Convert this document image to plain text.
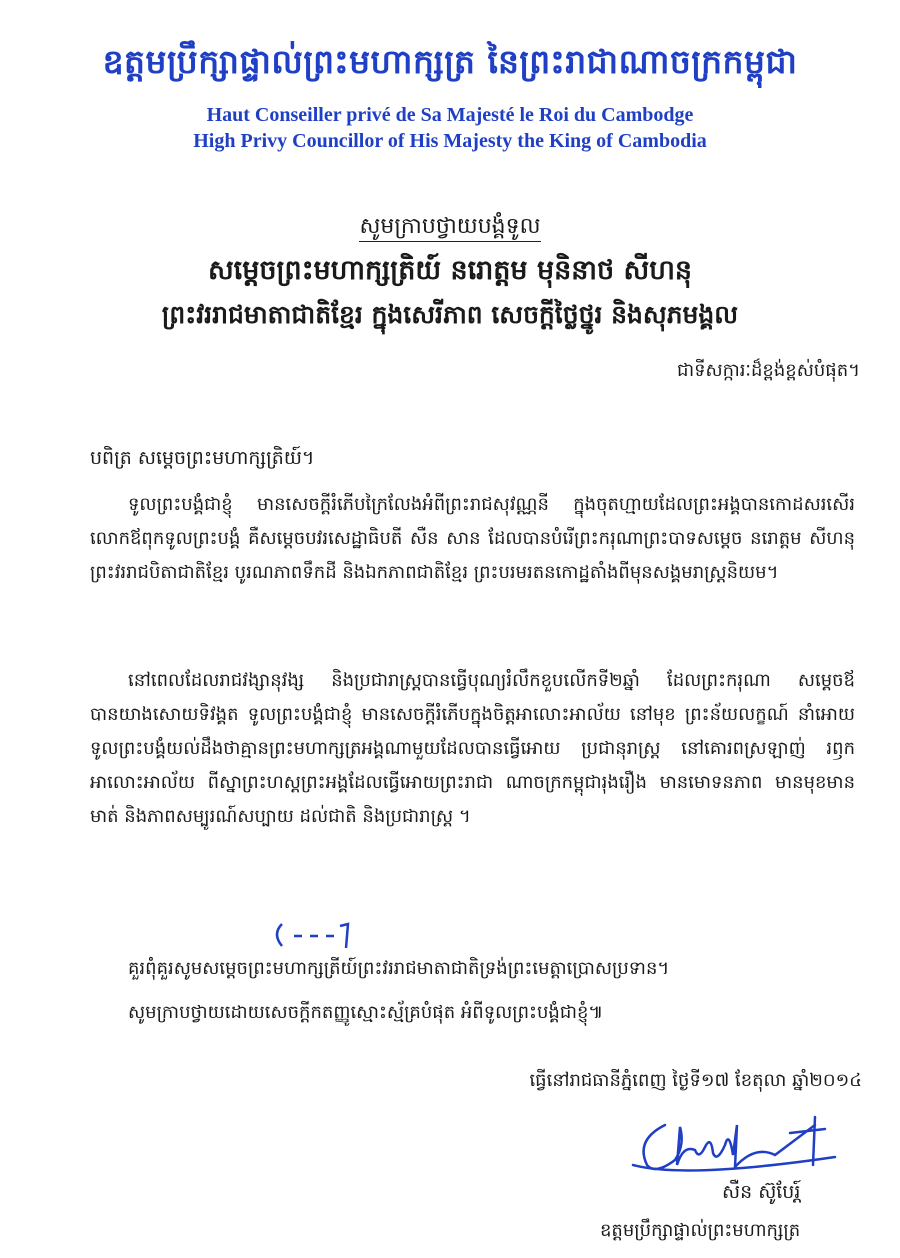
ឧត្តមប្រឹក្សាផ្ទាល់ព្រះមហាក្សត្រ នៃព្រះរាជាណាចក្រកម្ពុជា
Haut Conseiller privé de Sa Majesté le Roi du Cambodge
High Privy Councillor of His Majesty the King of Cambodia
សូមក្រាបថ្វាយបង្គំទូល
សម្តេចព្រះមហាក្សត្រិយ៍ នរោត្តម មុនិនាថ សីហនុ
ព្រះវររាជមាតាជាតិខ្មែរ ក្នុងសេរីភាព សេចក្តីថ្លៃថ្នូរ និងសុភមង្គល
ជាទីសក្ការៈដ៏ខ្ពង់ខ្ពស់បំផុត។
បពិត្រ សម្តេចព្រះមហាក្សត្រិយ៍។

ទូលព្រះបង្គំជាខ្ញុំ មានសេចក្តីរំភើបក្រៃលែងអំពីព្រះរាជសុវណ្ណនី ក្នុងចុតហ្មាយដែលព្រះអង្គបានកោដសរសើរ លោកឪពុកទូលព្រះបង្គំ គឺសម្តេចបវរសេដ្ឋាធិបតី សឺន សាន ដែលបានបំរើព្រះករុណាព្រះបាទសម្តេច នរោត្តម សីហនុ ព្រះវររាជបិតាជាតិខ្មែរ បូរណភាពទឹកដី និងឯកភាពជាតិខ្មែរ ព្រះបរមរតនកោដ្ឋតាំងពីមុនសង្គមរាស្ត្រនិយម។

នៅពេលដែលរាជវង្សានុវង្ស និងប្រជារាស្ត្របានធ្វើបុណ្យរំលឹកខួបលើកទី២ឆ្នាំ ដែលព្រះករុណា សម្តេចឪ បានយាងសោយទិវង្គត ទូលព្រះបង្គំជាខ្ញុំ មានសេចក្តីរំភើបក្នុងចិត្តអាលោះអាល័យ នៅមុខ ព្រះន័យលក្ខណ៍ នាំអោយទូលព្រះបង្គំយល់ដឹងថាគ្មានព្រះមហាក្សត្រអង្គណាមួយដែលបានធ្វើអោយ ប្រជានុរាស្ត្រ នៅគោរពស្រឡាញ់ រឭក អាលោះអាល័យ ពីស្នាព្រះហស្តព្រះអង្គដែលធ្វើអោយព្រះរាជា ណាចក្រកម្ពុជារុងរឿង មានមោទនភាព មានមុខមានមាត់ និងភាពសម្បូរណ៍សប្បាយ ដល់ជាតិ និងប្រជារាស្ត្រ ។

គួរពុំគួរសូមសម្តេចព្រះមហាក្សត្រីយ៍ព្រះវររាជមាតាជាតិទ្រង់ព្រះមេត្តាប្រោសប្រទាន។
សូមក្រាបថ្វាយដោយសេចក្តីកតញ្ញូស្មោះស្ម័គ្របំផុត អំពីទូលព្រះបង្គំជាខ្ញុំ៕
ធ្វើនៅរាជធានីភ្នំពេញ ថ្ងៃទី១៧ ខែតុលា ឆ្នាំ២០១៤
សឺន ស៊ូបែរ្ត៍
ឧត្តមប្រឹក្សាផ្ទាល់ព្រះមហាក្សត្រ
